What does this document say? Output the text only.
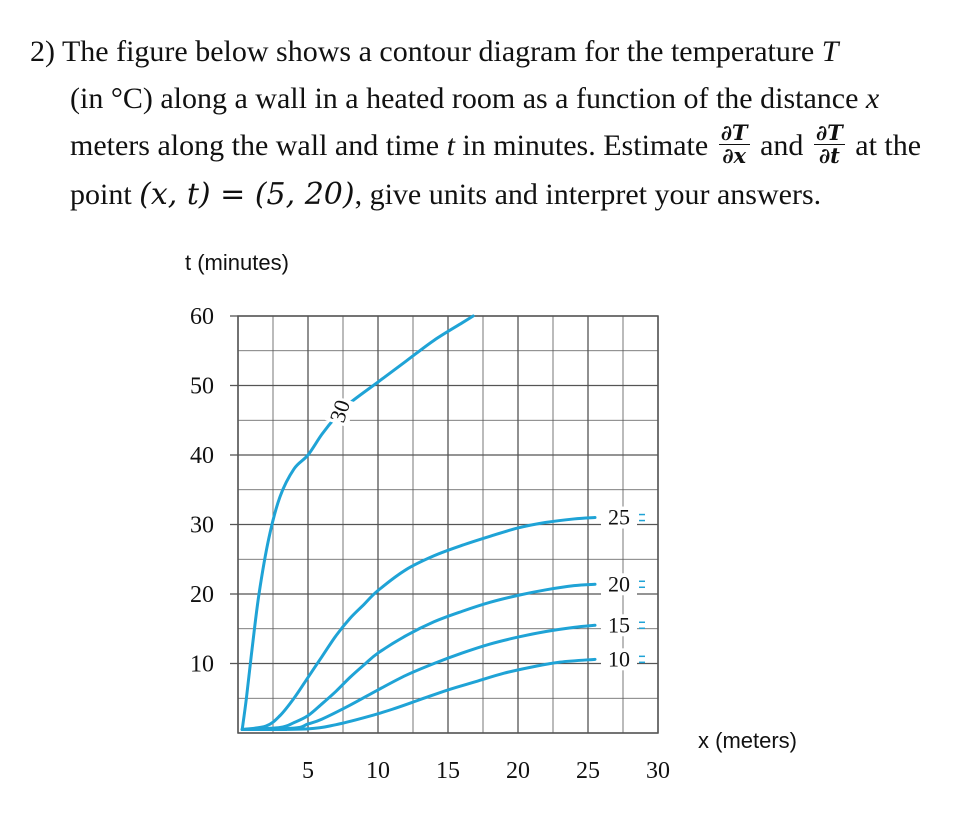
2) The figure below shows a contour diagram for the temperature T
(in °C) along a wall in a heated room as a function of the distance x
meters along the wall and time t in minutes. Estimate $\frac{\partial T}{\partial x}$ and $\frac{\partial T}{\partial t}$ at the
point (x, t) = (5, 20), give units and interpret your answers.
30
25
20
15
10
5 10 15 20 25 30
10
20
30
40
50
60
t (minutes)
x (meters)
